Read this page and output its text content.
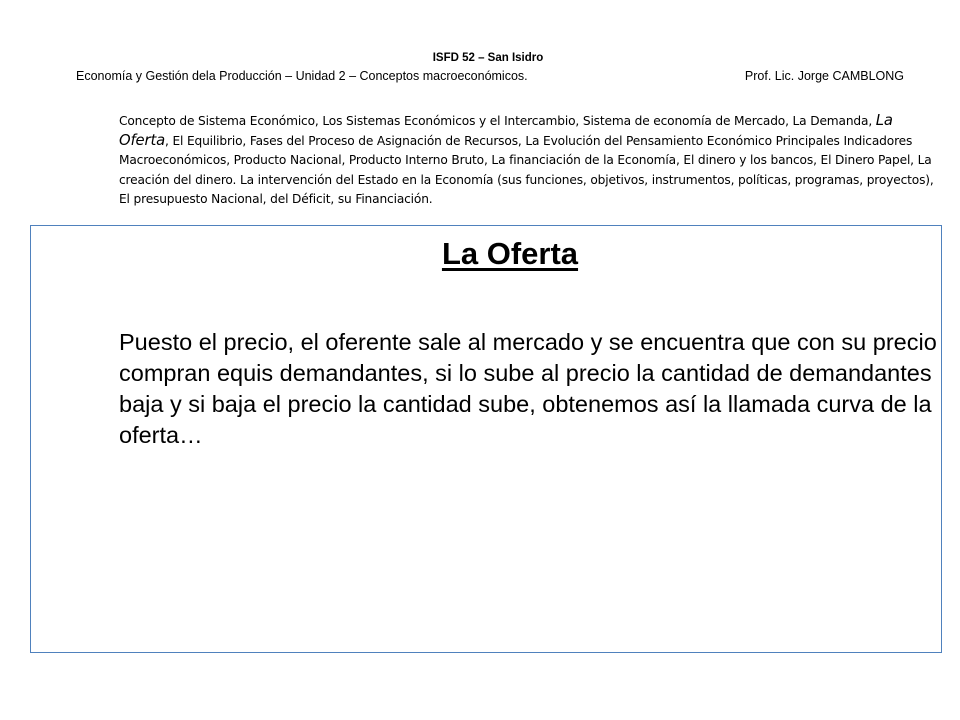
ISFD 52 – San Isidro
Economía y Gestión dela Producción – Unidad 2 – Conceptos macroeconómicos.	Prof. Lic. Jorge CAMBLONG
Concepto de Sistema Económico, Los Sistemas Económicos y el Intercambio, Sistema de economía de Mercado, La Demanda, La Oferta, El Equilibrio, Fases del Proceso de Asignación de Recursos, La Evolución del Pensamiento Económico Principales Indicadores Macroeconómicos, Producto Nacional, Producto Interno Bruto, La financiación de la Economía, El dinero y los bancos, El Dinero Papel, La creación del dinero. La intervención del Estado en la Economía (sus funciones, objetivos, instrumentos, políticas, programas, proyectos), El presupuesto Nacional, del Déficit, su Financiación.
La Oferta
Puesto el precio, el oferente sale al mercado y se encuentra que con su precio compran equis demandantes, si lo sube al precio la cantidad de demandantes baja y si baja el precio la cantidad sube, obtenemos así la llamada curva de la oferta…
